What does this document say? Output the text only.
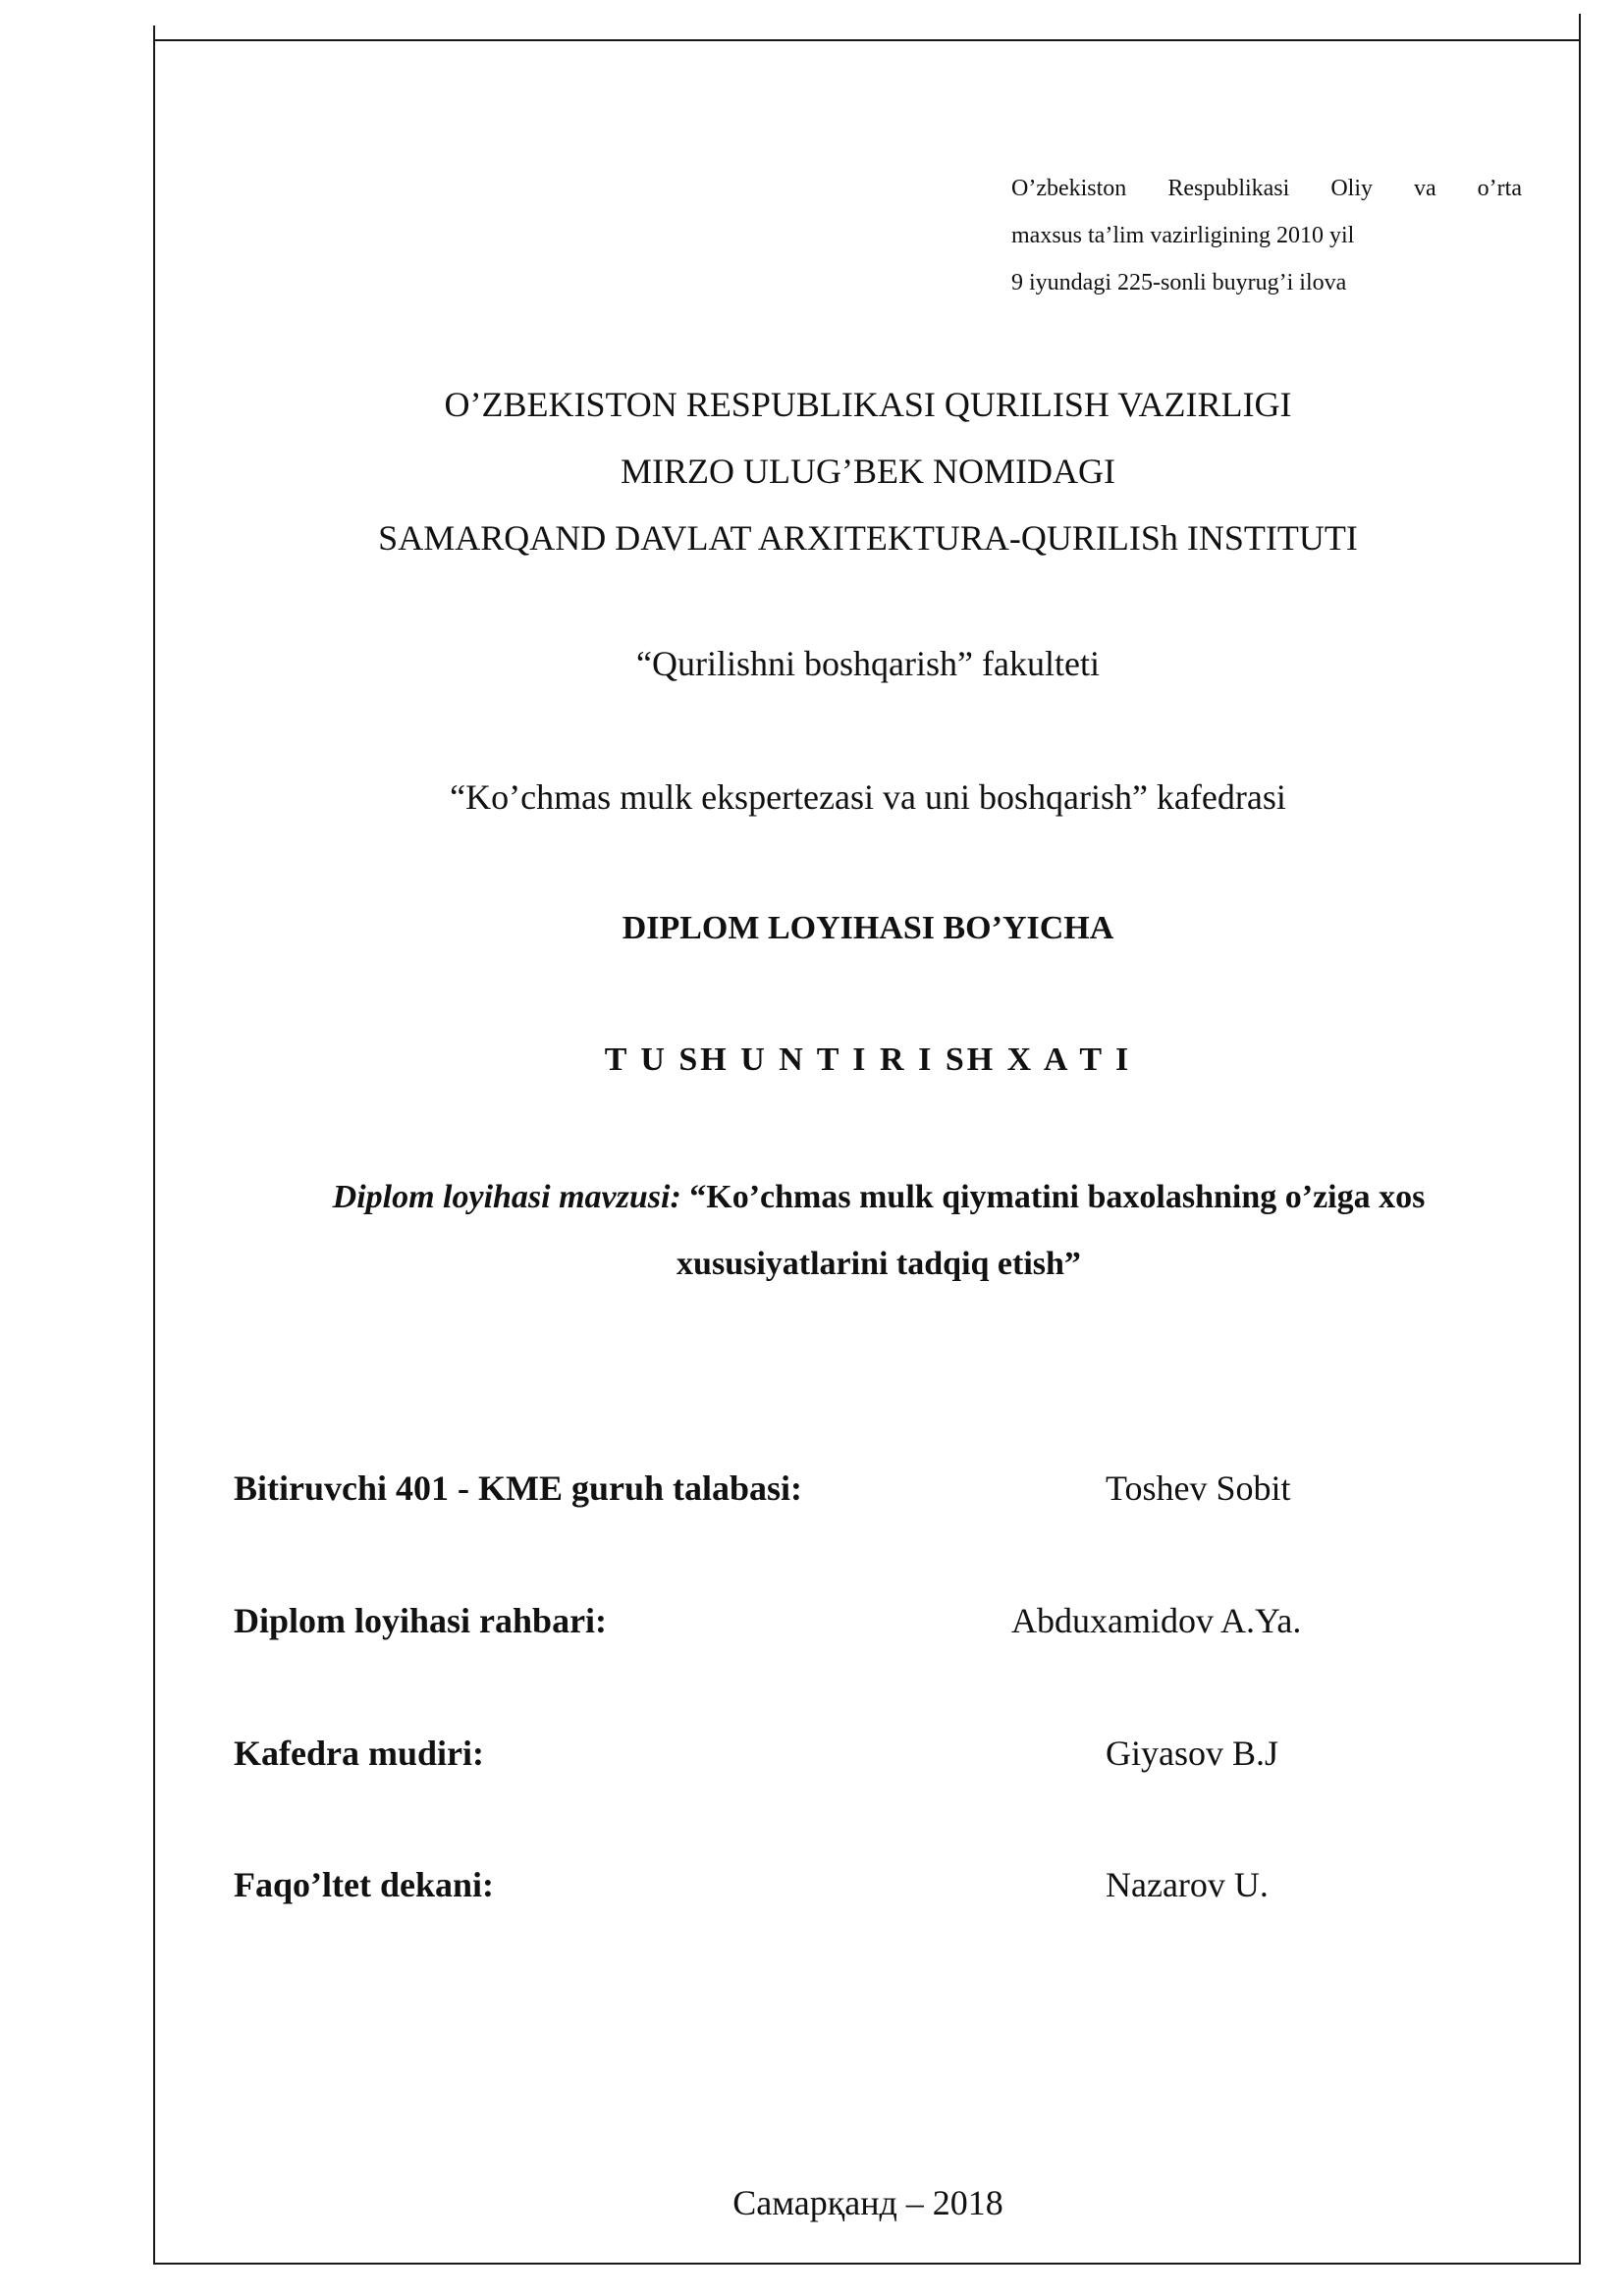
O’zbekiston Respublikasi Oliy va o’rta
maxsus ta’lim vazirligining 2010 yil
9 iyundagi 225-sonli buyrug’i ilova
O’ZBEKISTON RESPUBLIKASI QURILISH VAZIRLIGI
MIRZO ULUG’BEK NOMIDAGI
SAMARQAND DAVLAT ARXITEKTURA-QURILISh INSTITUTI
“Qurilishni boshqarish” fakulteti
“Ko’chmas mulk ekspertezasi va uni boshqarish” kafedrasi
DIPLOM LOYIHASI BO’YICHA
T U SH U N T I R I SH X A T I
Diplom loyihasi mavzusi: “Ko’chmas mulk qiymatini baxolashning o’ziga xos xususiyatlarini tadqiq etish”
Bitiruvchi 401 - KME guruh talabasi:	Toshev Sobit
Diplom loyihasi rahbari:	Abduxamidov A.Ya.
Kafedra mudiri:	Giyasov B.J
Faqo’ltet dekani:	Nazarov U.
Самарқанд – 2018
